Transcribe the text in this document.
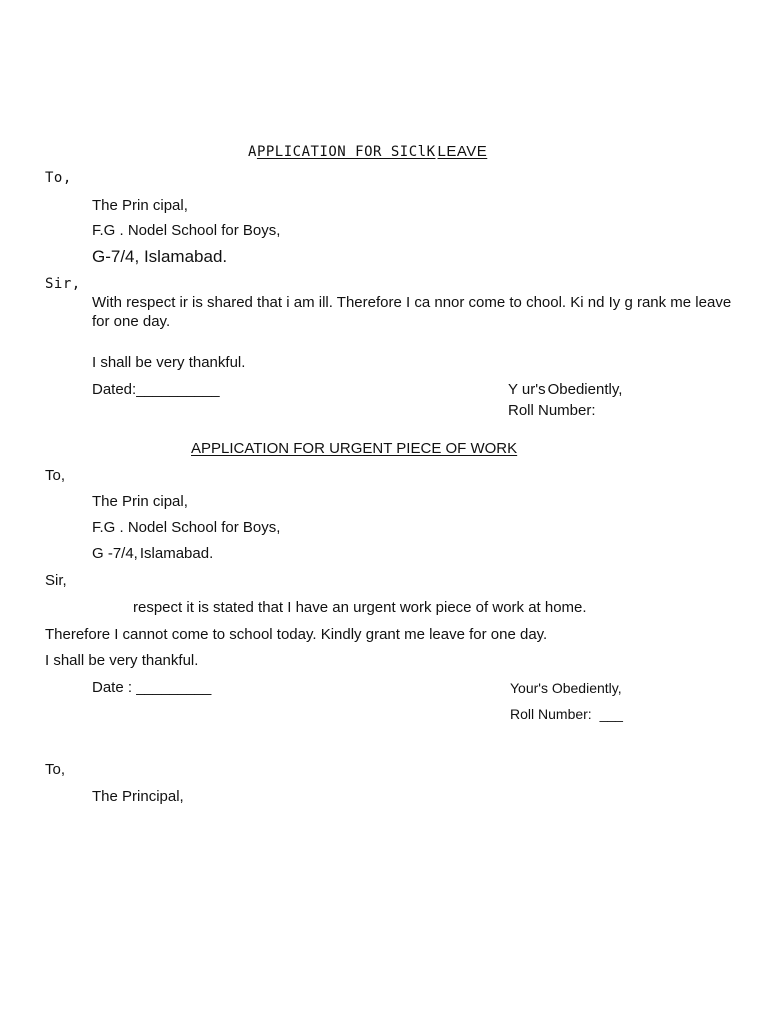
APPLICATION FOR SIClK LEAVE
To,
The Prin cipal,
F.G . Nodel School for Boys,
G-7/4, Islamabad.
Sir,
With respect ir is shared that i am ill. Therefore I ca nnor come to chool. Ki nd Iy g rank me leave for one day.
I shall be very thankful.
Dated:__________	Y ur's Obediently,
Roll Number:
APPLICATION FOR URGENT PIECE OF WORK
To,
The Prin cipal,
F.G . Nodel School for Boys,
G -7/4, Islamabad.
Sir,
respect it is stated that I have an urgent work piece of work at home.
Therefore I cannot come to school today. Kindly grant me leave for one day.
I shall be very thankful.
Date : _________	Your's Obediently,
Roll Number: ___
To,
The Principal,
